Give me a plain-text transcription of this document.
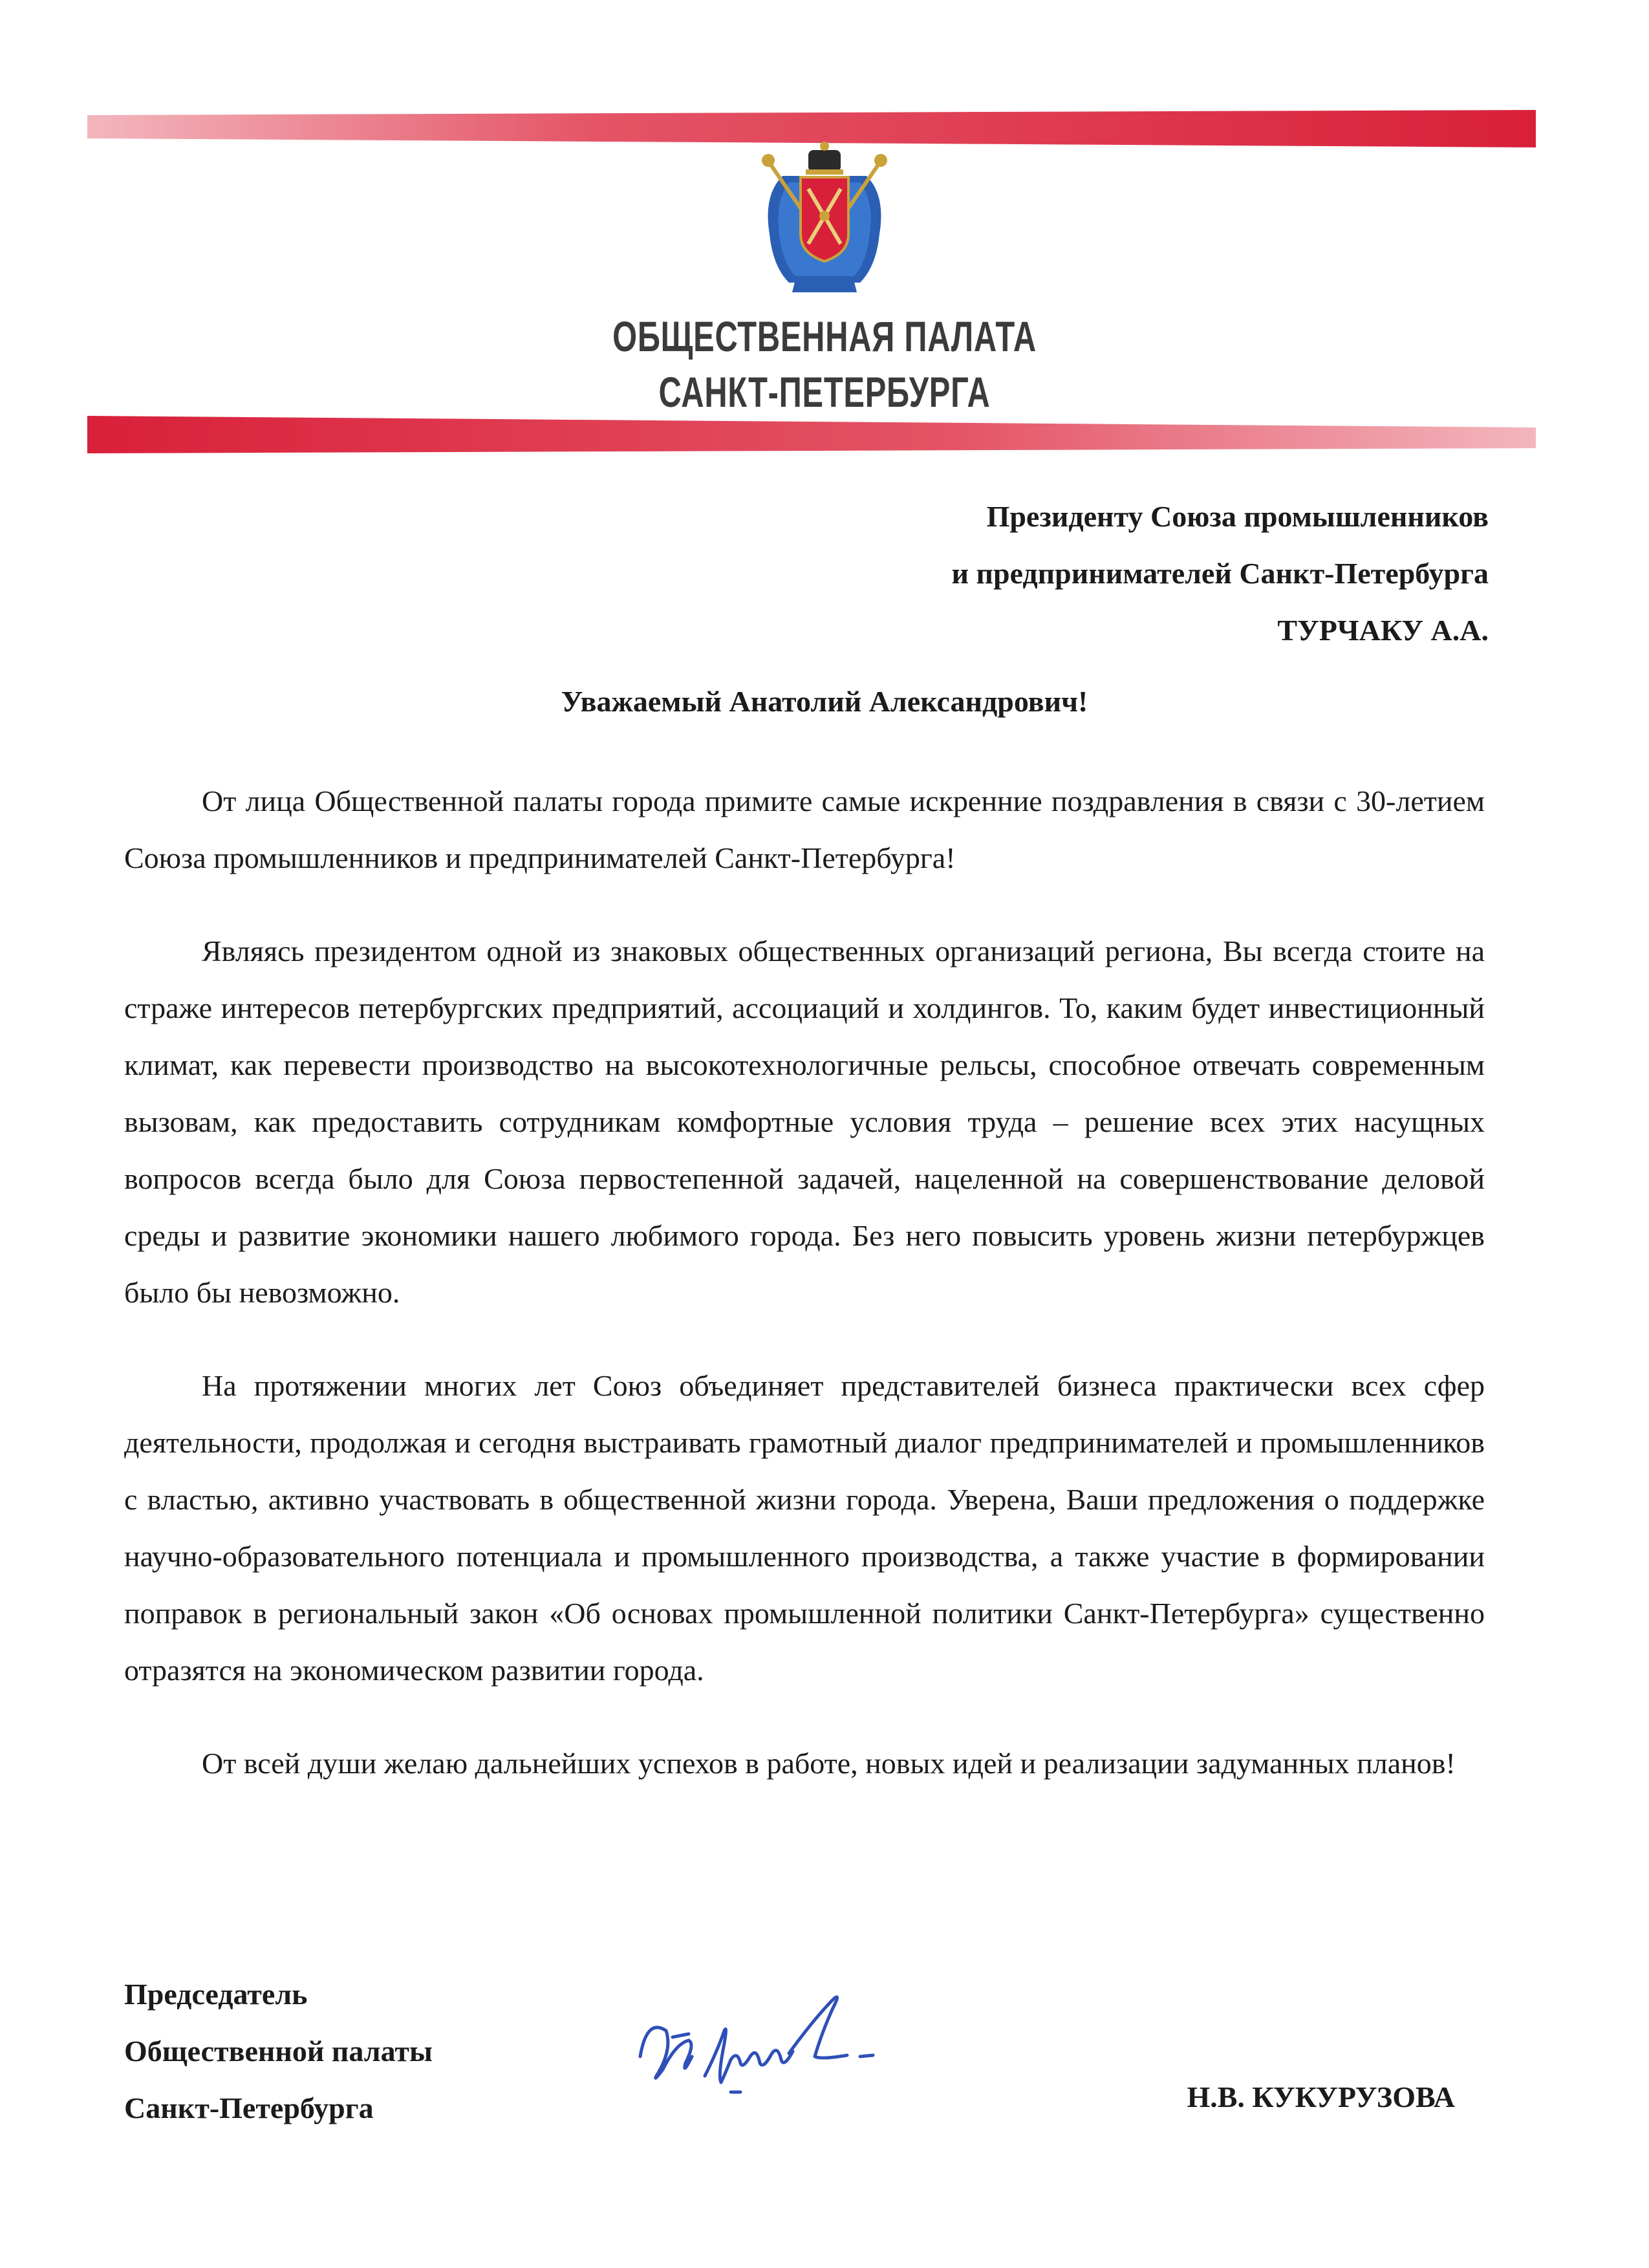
ОБЩЕСТВЕННАЯ ПАЛАТА
САНКТ-ПЕТЕРБУРГА
Президенту Союза промышленников
и предпринимателей Санкт-Петербурга
ТУРЧАКУ А.А.
Уважаемый Анатолий Александрович!

От лица Общественной палаты города примите самые искренние поздравления в связи с 30-летием Союза промышленников и предпринимателей Санкт-Петербурга!

Являясь президентом одной из знаковых общественных организаций региона, Вы всегда стоите на страже интересов петербургских предприятий, ассоциаций и холдингов. То, каким будет инвестиционный климат, как перевести производство на высокотехнологичные рельсы, способное отвечать современным вызовам, как предоставить сотрудникам комфортные условия труда – решение всех этих насущных вопросов всегда было для Союза первостепенной задачей, нацеленной на совершенствование деловой среды и развитие экономики нашего любимого города. Без него повысить уровень жизни петербуржцев было бы невозможно.

На протяжении многих лет Союз объединяет представителей бизнеса практически всех сфер деятельности, продолжая и сегодня выстраивать грамотный диалог предпринимателей и промышленников с властью, активно участвовать в общественной жизни города. Уверена, Ваши предложения о поддержке научно-образовательного потенциала и промышленного производства, а также участие в формировании поправок в региональный закон «Об основах промышленной политики Санкт-Петербурга» существенно отразятся на экономическом развитии города.

От всей души желаю дальнейших успехов в работе, новых идей и реализации задуманных планов!

Председатель
Общественной палаты
Санкт-Петербурга	Н.В. КУКУРУЗОВА
